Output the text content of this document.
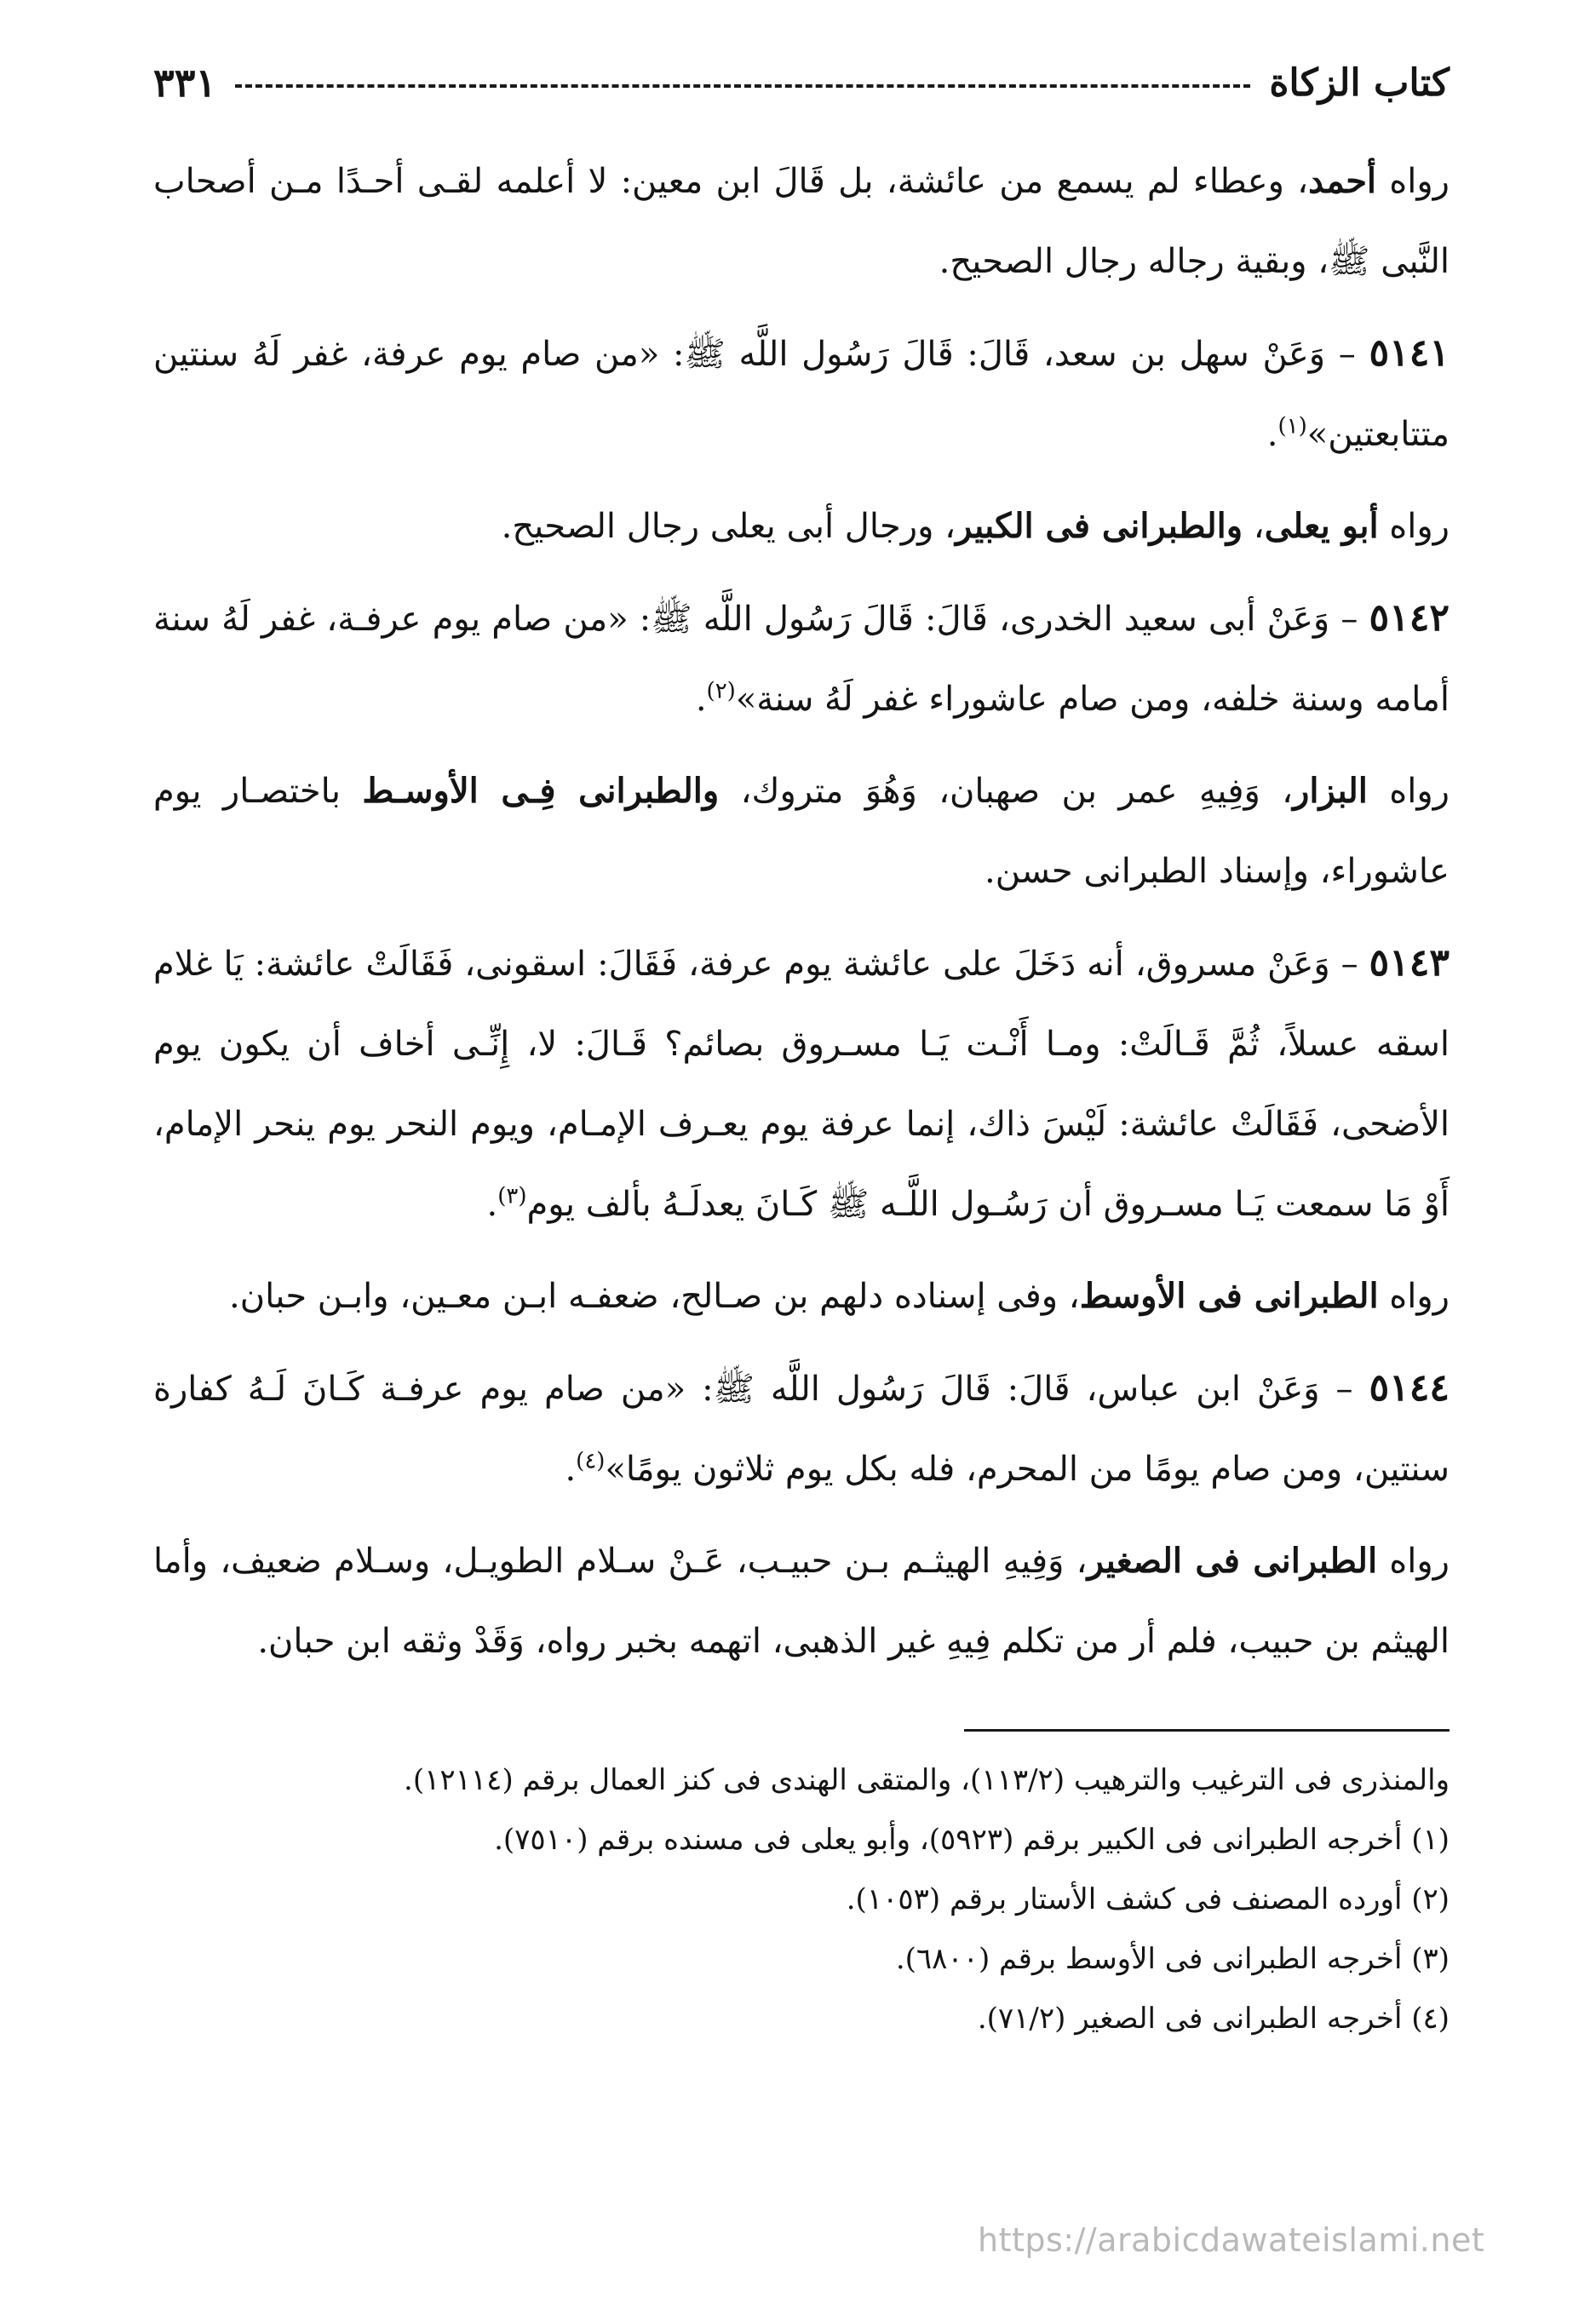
كتاب الزكاة
٣٣١

رواه أحمد، وعطاء لم يسمع من عائشة، بل قَالَ ابن معين: لا أعلمه لقـى أحـدًا مـن أصحاب النَّبى ﷺ، وبقية رجاله رجال الصحيح.

٥١٤١ – وَعَنْ سهل بن سعد، قَالَ: قَالَ رَسُول اللَّه ﷺ: «من صام يوم عرفة، غفر لَهُ سنتين متتابعتين»$^{(١)}$.

رواه أبو يعلى، والطبرانى فى الكبير، ورجال أبى يعلى رجال الصحيح.

٥١٤٢ – وَعَنْ أبى سعيد الخدرى، قَالَ: قَالَ رَسُول اللَّه ﷺ: «من صام يوم عرفـة، غفر لَهُ سنة أمامه وسنة خلفه، ومن صام عاشوراء غفر لَهُ سنة»$^{(٢)}$.

رواه البزار، وَفِيهِ عمر بن صهبان، وَهُوَ متروك، والطبرانى فِـى الأوسـط باختصـار يوم عاشوراء، وإسناد الطبرانى حسن.

٥١٤٣ – وَعَنْ مسروق، أنه دَخَلَ على عائشة يوم عرفة، فَقَالَ: اسقونى، فَقَالَتْ عائشة: يَا غلام اسقه عسلاً، ثُمَّ قَـالَتْ: ومـا أَنْـت يَـا مسـروق بصائم؟ قَـالَ: لا، إِنِّـى أخاف أن يكون يوم الأضحى، فَقَالَتْ عائشة: لَيْسَ ذاك، إنما عرفة يوم يعـرف الإمـام، ويوم النحر يوم ينحر الإمام، أَوْ مَا سمعت يَـا مسـروق أن رَسُـول اللَّـه ﷺ كَـانَ يعدلَـهُ بألف يوم$^{(٣)}$.

رواه الطبرانى فى الأوسط، وفى إسناده دلهم بن صـالح، ضعفـه ابـن معـين، وابـن حبان.

٥١٤٤ – وَعَنْ ابن عباس، قَالَ: قَالَ رَسُول اللَّه ﷺ: «من صام يوم عرفـة كَـانَ لَـهُ كفارة سنتين، ومن صام يومًا من المحرم، فله بكل يوم ثلاثون يومًا»$^{(٤)}$.

رواه الطبرانى فى الصغير، وَفِيهِ الهيثـم بـن حبيـب، عَـنْ سـلام الطويـل، وسـلام ضعيف، وأما الهيثم بن حبيب، فلم أر من تكلم فِيهِ غير الذهبى، اتهمه بخبر رواه، وَقَدْ وثقه ابن حبان.

والمنذرى فى الترغيب والترهيب (١١٣/٢)، والمتقى الهندى فى كنز العمال برقم (١٢١١٤).

(١) أخرجه الطبرانى فى الكبير برقم (٥٩٢٣)، وأبو يعلى فى مسنده برقم (٧٥١٠).

(٢) أورده المصنف فى كشف الأستار برقم (١٠٥٣).

(٣) أخرجه الطبرانى فى الأوسط برقم (٦٨٠٠).

(٤) أخرجه الطبرانى فى الصغير (٧١/٢).

https://arabicdawateislami.net
